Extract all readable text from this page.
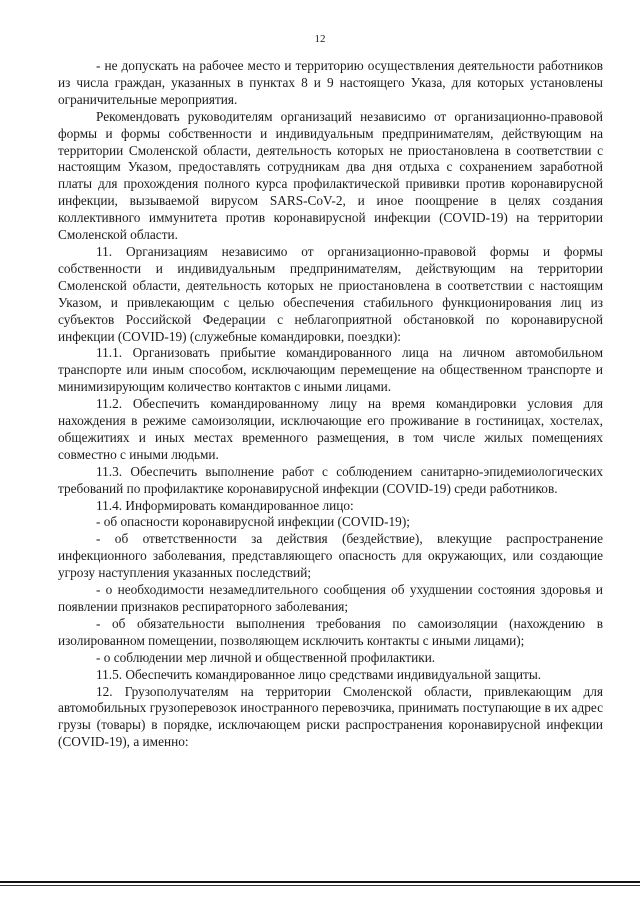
12

- не допускать на рабочее место и территорию осуществления деятельности работников из числа граждан, указанных в пунктах 8 и 9 настоящего Указа, для которых установлены ограничительные мероприятия.

Рекомендовать руководителям организаций независимо от организационно-правовой формы и формы собственности и индивидуальным предпринимателям, действующим на территории Смоленской области, деятельность которых не приостановлена в соответствии с настоящим Указом, предоставлять сотрудникам два дня отдыха с сохранением заработной платы для прохождения полного курса профилактической прививки против коронавирусной инфекции, вызываемой вирусом SARS-CoV-2, и иное поощрение в целях создания коллективного иммунитета против коронавирусной инфекции (COVID-19) на территории Смоленской области.

11. Организациям независимо от организационно-правовой формы и формы собственности и индивидуальным предпринимателям, действующим на территории Смоленской области, деятельность которых не приостановлена в соответствии с настоящим Указом, и привлекающим с целью обеспечения стабильного функционирования лиц из субъектов Российской Федерации с неблагоприятной обстановкой по коронавирусной инфекции (COVID-19) (служебные командировки, поездки):

11.1. Организовать прибытие командированного лица на личном автомобильном транспорте или иным способом, исключающим перемещение на общественном транспорте и минимизирующим количество контактов с иными лицами.

11.2. Обеспечить командированному лицу на время командировки условия для нахождения в режиме самоизоляции, исключающие его проживание в гостиницах, хостелах, общежитиях и иных местах временного размещения, в том числе жилых помещениях совместно с иными людьми.

11.3. Обеспечить выполнение работ с соблюдением санитарно-эпидемиологических требований по профилактике коронавирусной инфекции (COVID-19) среди работников.

11.4. Информировать командированное лицо:

- об опасности коронавирусной инфекции (COVID-19);

- об ответственности за действия (бездействие), влекущие распространение инфекционного заболевания, представляющего опасность для окружающих, или создающие угрозу наступления указанных последствий;

- о необходимости незамедлительного сообщения об ухудшении состояния здоровья и появлении признаков респираторного заболевания;

- об обязательности выполнения требования по самоизоляции (нахождению в изолированном помещении, позволяющем исключить контакты с иными лицами);

- о соблюдении мер личной и общественной профилактики.

11.5. Обеспечить командированное лицо средствами индивидуальной защиты.

12. Грузополучателям на территории Смоленской области, привлекающим для автомобильных грузоперевозок иностранного перевозчика, принимать поступающие в их адрес грузы (товары) в порядке, исключающем риски распространения коронавирусной инфекции (COVID-19), а именно:
